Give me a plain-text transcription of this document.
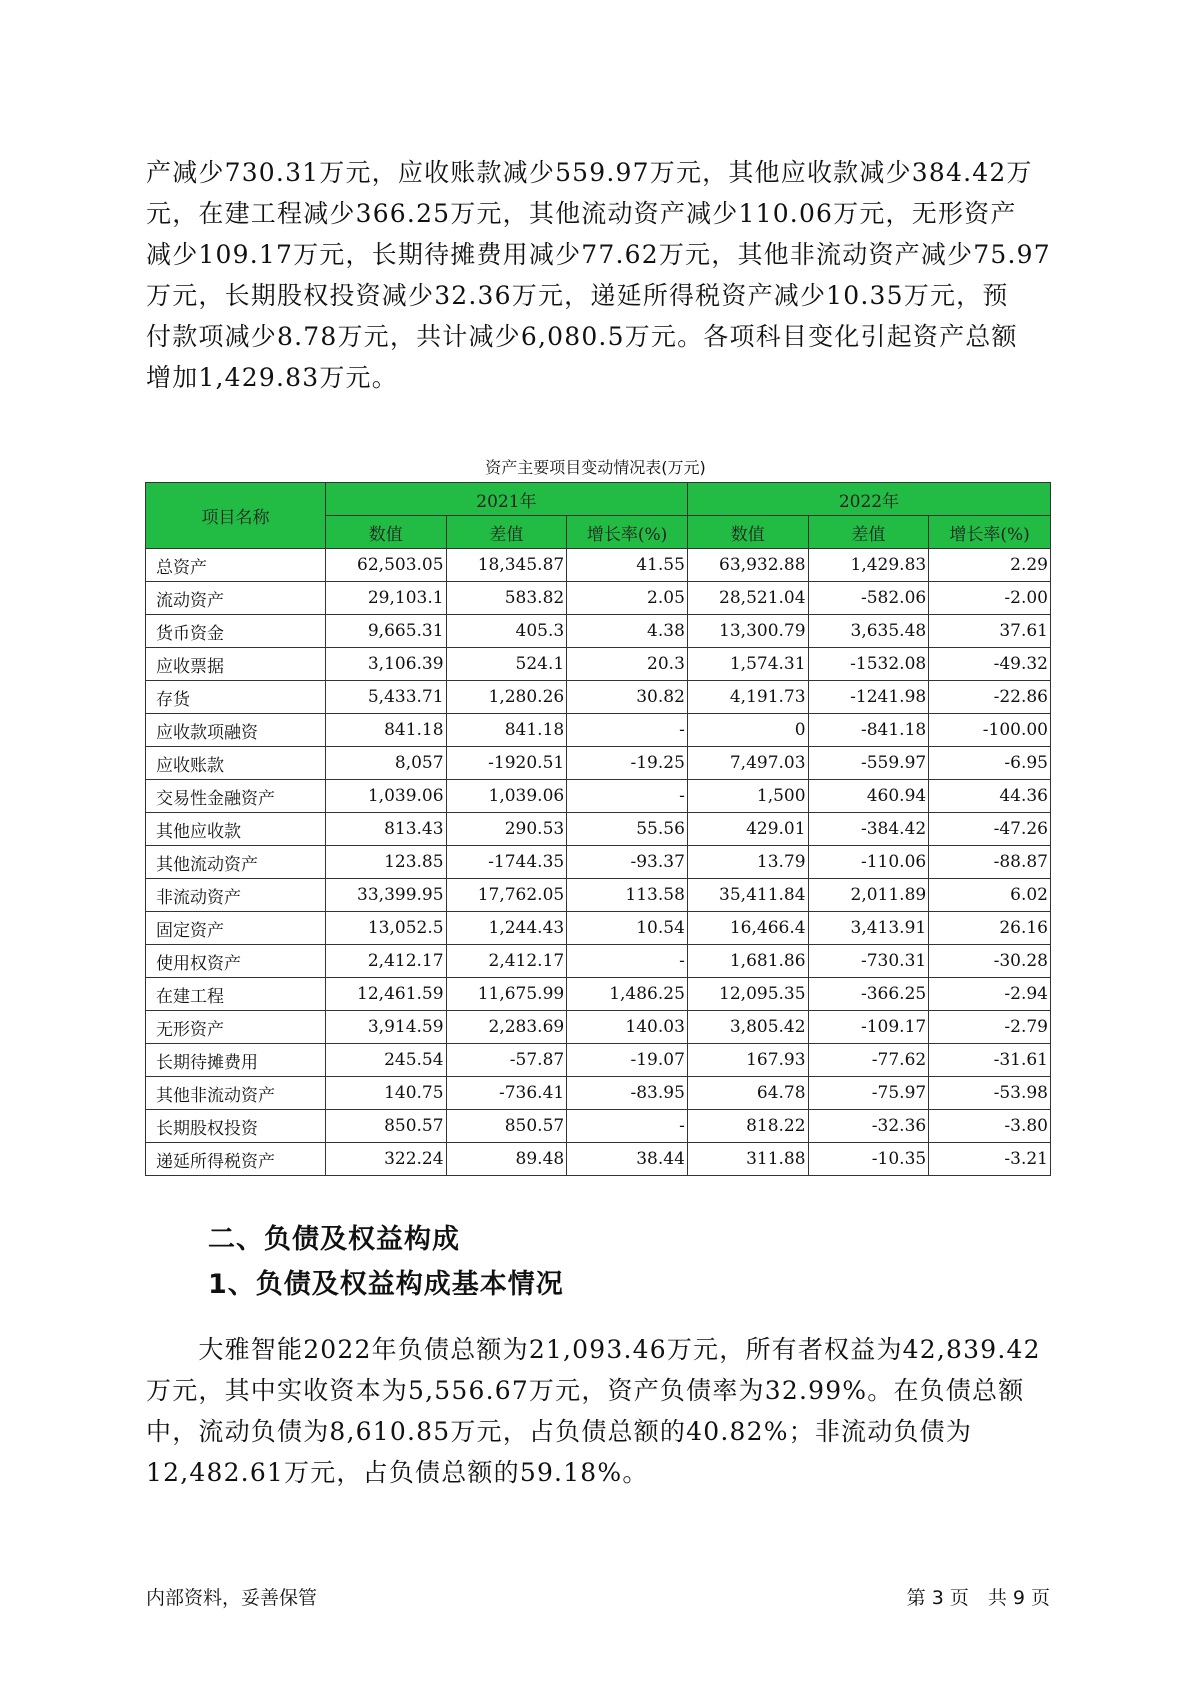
产减少730.31万元，应收账款减少559.97万元，其他应收款减少384.42万
元，在建工程减少366.25万元，其他流动资产减少110.06万元，无形资产
减少109.17万元，长期待摊费用减少77.62万元，其他非流动资产减少75.97
万元，长期股权投资减少32.36万元，递延所得税资产减少10.35万元，预
付款项减少8.78万元，共计减少6,080.5万元。各项科目变化引起资产总额
增加1,429.83万元。
资产主要项目变动情况表(万元)
项目名称	2021年			2022年		
	数值	差值	增长率(%)	数值	差值	增长率(%)
总资产	62,503.05	18,345.87	41.55	63,932.88	1,429.83	2.29
流动资产	29,103.1	583.82	2.05	28,521.04	-582.06	-2.00
货币资金	9,665.31	405.3	4.38	13,300.79	3,635.48	37.61
应收票据	3,106.39	524.1	20.3	1,574.31	-1532.08	-49.32
存货	5,433.71	1,280.26	30.82	4,191.73	-1241.98	-22.86
应收款项融资	841.18	841.18	-	0	-841.18	-100.00
应收账款	8,057	-1920.51	-19.25	7,497.03	-559.97	-6.95
交易性金融资产	1,039.06	1,039.06	-	1,500	460.94	44.36
其他应收款	813.43	290.53	55.56	429.01	-384.42	-47.26
其他流动资产	123.85	-1744.35	-93.37	13.79	-110.06	-88.87
非流动资产	33,399.95	17,762.05	113.58	35,411.84	2,011.89	6.02
固定资产	13,052.5	1,244.43	10.54	16,466.4	3,413.91	26.16
使用权资产	2,412.17	2,412.17	-	1,681.86	-730.31	-30.28
在建工程	12,461.59	11,675.99	1,486.25	12,095.35	-366.25	-2.94
无形资产	3,914.59	2,283.69	140.03	3,805.42	-109.17	-2.79
长期待摊费用	245.54	-57.87	-19.07	167.93	-77.62	-31.61
其他非流动资产	140.75	-736.41	-83.95	64.78	-75.97	-53.98
长期股权投资	850.57	850.57	-	818.22	-32.36	-3.80
递延所得税资产	322.24	89.48	38.44	311.88	-10.35	-3.21
二、负债及权益构成
1、负债及权益构成基本情况
　　大雅智能2022年负债总额为21,093.46万元，所有者权益为42,839.42
万元，其中实收资本为5,556.67万元，资产负债率为32.99%。在负债总额
中，流动负债为8,610.85万元，占负债总额的40.82%；非流动负债为
12,482.61万元，占负债总额的59.18%。
内部资料，妥善保管	第 3 页　共 9 页
